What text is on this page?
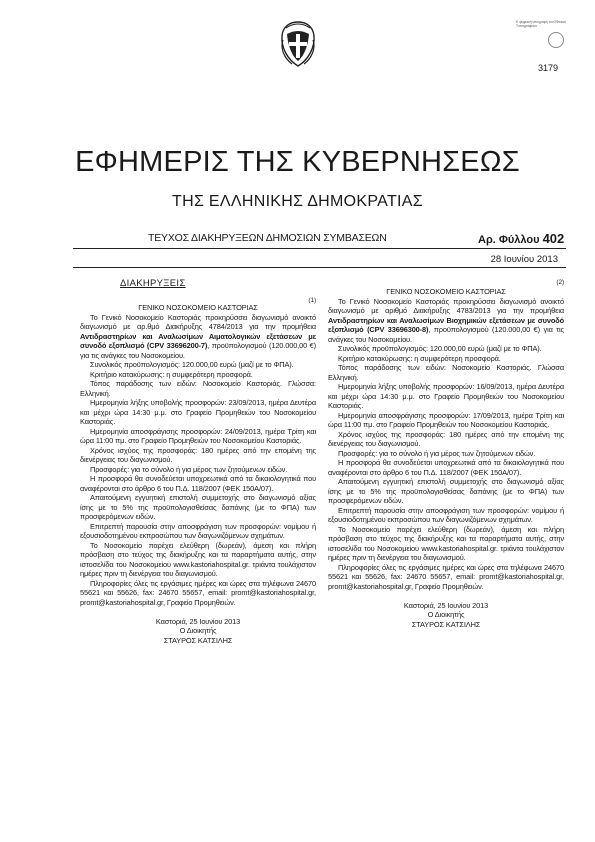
Ε ψηφιακή υπογραφή του Εθνικού Τυπογραφείου
3179
ΕΦΗΜΕΡΙΣ ΤΗΣ ΚΥΒΕΡΝΗΣΕΩΣ
ΤΗΣ ΕΛΛΗΝΙΚΗΣ ΔΗΜΟΚΡΑΤΙΑΣ
ΤΕΥΧΟΣ ΔΙΑΚΗΡΥΞΕΩΝ ΔΗΜΟΣΙΩΝ ΣΥΜΒΑΣΕΩΝ	Αρ. Φύλλου 402
28 Ιουνίου 2013
ΔΙΑΚΗΡΥΞΕΙΣ
(1)

ΓΕΝΙΚΟ ΝΟΣΟΚΟΜΕΙΟ ΚΑΣΤΟΡΙΑΣ

Το Γενικό Νοσοκομείο Καστοριάς προκηρύσσει διαγωνισμό ανοικτό διαγωνισμό με αρ.θμό Διακήρυξης 4784/2013 για την προμήθεια Αντιδραστηρίων και Αναλωσίμων Αιματολογικών εξετάσεων με συνοδό εξοπλισμό (CPV 33696200-7), προϋπολογισμού (120.000,00 €) για τις ανάγκες του Νοσοκομείου.

Συνολικός προϋπολογισμός: 120.000,00 ευρώ (μαζί με το ΦΠΑ).

Κριτήριο κατακύρωσης: η συμφερότερη προσφορά.

Τόπος παράδοσης των ειδών: Νοσοκομείο Καστοριάς. Γλώσσα: Ελληνική.

Ημερομηνία λήξης υποβολής προσφορών: 23/09/2013, ημέρα Δευτέρα και μέχρι ώρα 14:30 μ.μ. στο Γραφείο Προμηθειών του Νοσοκομείου Καστοριάς.

Ημερομηνία αποσφράγισης προσφορών: 24/09/2013, ημέρα Τρίτη και ώρα 11:00 πμ. στο Γραφείο Προμηθειών του Νοσοκομείου Καστοριάς.

Χρόνος ισχύος της προσφοράς: 180 ημέρες από την επομένη της διενέργειας του διαγωνισμού.

Προσφορές: για το σύνολο ή για μέρος των ζητούμενων ειδών.

Η προσφορά θα συνοδεύεται υποχρεωτικά από τα δικαιολογητικά που αναφέρονται στο άρθρο 6 του Π.Δ. 118/2007 (ΦΕΚ 150Α/07).

Απαιτούμενη εγγυητική επιστολή συμμετοχής στο διαγωνισμό αξίας ίσης με το 5% της προϋπολογισθείσας δαπάνης (με το ΦΠΑ) των προσφερόμενων ειδών.

Επιτρεπτή παρουσία στην αποσφράγιση των προσφορών: νομίμου ή εξουσιοδοτημένου εκπροσώπου των διαγωνιζόμενων σχημάτων.

Το Νοσοκομείο παρέχει ελεύθερη (δωρεάν), άμεση και πλήρη πρόσβαση στο τεύχος της διακήρυξης και τα παραρτήματα αυτής, στην ιστοσελίδα του Νοσοκομείου www.kastoriahospital.gr. τριάντα τουλάχιστον ημέρες πριν τη διενέργεια του διαγωνισμού.

Πληροφορίες όλες τις εργάσιμες ημέρες και ώρες στα τηλέφωνα 24670 55621 και 55626, fax: 24670 55657, email: promt@kastoriahospital.gr, promt@kastoriahospital.gr, Γραφείο Προμηθειών.

Καστοριά, 25 Ιουνίου 2013

Ο Διοικητής

ΣΤΑΥΡΟΣ ΚΑΤΣΙΛΗΣ

(2)

ΓΕΝΙΚΟ ΝΟΣΟΚΟΜΕΙΟ ΚΑΣΤΟΡΙΑΣ

Το Γενικό Νοσοκομείο Καστοριάς προκηρύσσει διαγωνισμό ανοικτό διαγωνισμό με αριθμό Διακήρυξης 4783/2013 για την προμήθεια Αντιδραστηρίων και Αναλωσίμων Βιοχημικών εξετάσεων με συνοδό εξοπλισμό (CPV 33696300-8), προϋπολογισμού (120.000,00 €) για τις ανάγκες του Νοσοκομείου.

Συνολικός προϋπολογισμός: 120.000,00 ευρώ (μαζί με το ΦΠΑ).

Κριτήριο κατακύρωσης: η συμφερότερη προσφορά.

Τόπος παράδοσης των ειδών: Νοσοκομείο Καστοριάς. Γλώσσα Ελληνική.

Ημερομηνία λήξης υποβολής προσφορών: 16/09/2013, ημέρα Δευτέρα και μέχρι ώρα 14:30 μ.μ. στο Γραφείο Προμηθειών του Νοσοκομείου Καστοριάς.

Ημερομηνία αποσφράγισης προσφορών: 17/09/2013, ημέρα Τρίτη και ώρα 11:00 πμ. στο Γραφείο Προμηθειών του Νοσοκομείου Καστοριάς.

Χρόνος ισχύος της προσφοράς: 180 ημέρες από την επομένη της διενέργειας του διαγωνισμού.

Προσφορές: για το σύνολο ή για μέρος των ζητούμενων ειδών.

Η προσφορά θα συνοδεύεται υποχρεωτικά από τα δικαιολογητικά που αναφέρονται στο άρθρο 6 του Π.Δ. 118/2007 (ΦΕΚ 150Α/07).

Απαιτούμενη εγγυητική επιστολή συμμετοχής στο διαγωνισμό αξίας ίσης με το 5% της προϋπολογισθείσας δαπάνης (με το ΦΠΑ) των προσφερόμενων ειδών.

Επιτρεπτή παρουσία στην αποσφράγιση των προσφορών: νομίμου ή εξουσιοδοτημένου εκπροσώπου των διαγωνιζόμενων σχημάτων.

Το Νοσοκομείο παρέχει ελεύθερη (δωρεάν), άμεση και πλήρη πρόσβαση στο τεύχος της διακήρυξης και τα παραρτήματα αυτής, στην ιστοσελίδα του Νοσοκομείου www.kastoriahospital.gr. τριάντα τουλάχιστον ημέρες πριν τη διενέργεια του διαγωνισμού.

Πληροφορίες όλες τις εργάσιμες ημέρες και ώρες στα τηλέφωνα 24670 55621 και 55626, fax: 24670 55657, email: promt@kastoriahospital.gr, promt@kastoriahospital.gr, Γραφείο Προμηθειών.

Καστοριά, 25 Ιουνίου 2013

Ο Διοικητής

ΣΤΑΥΡΟΣ ΚΑΤΣΙΛΗΣ
